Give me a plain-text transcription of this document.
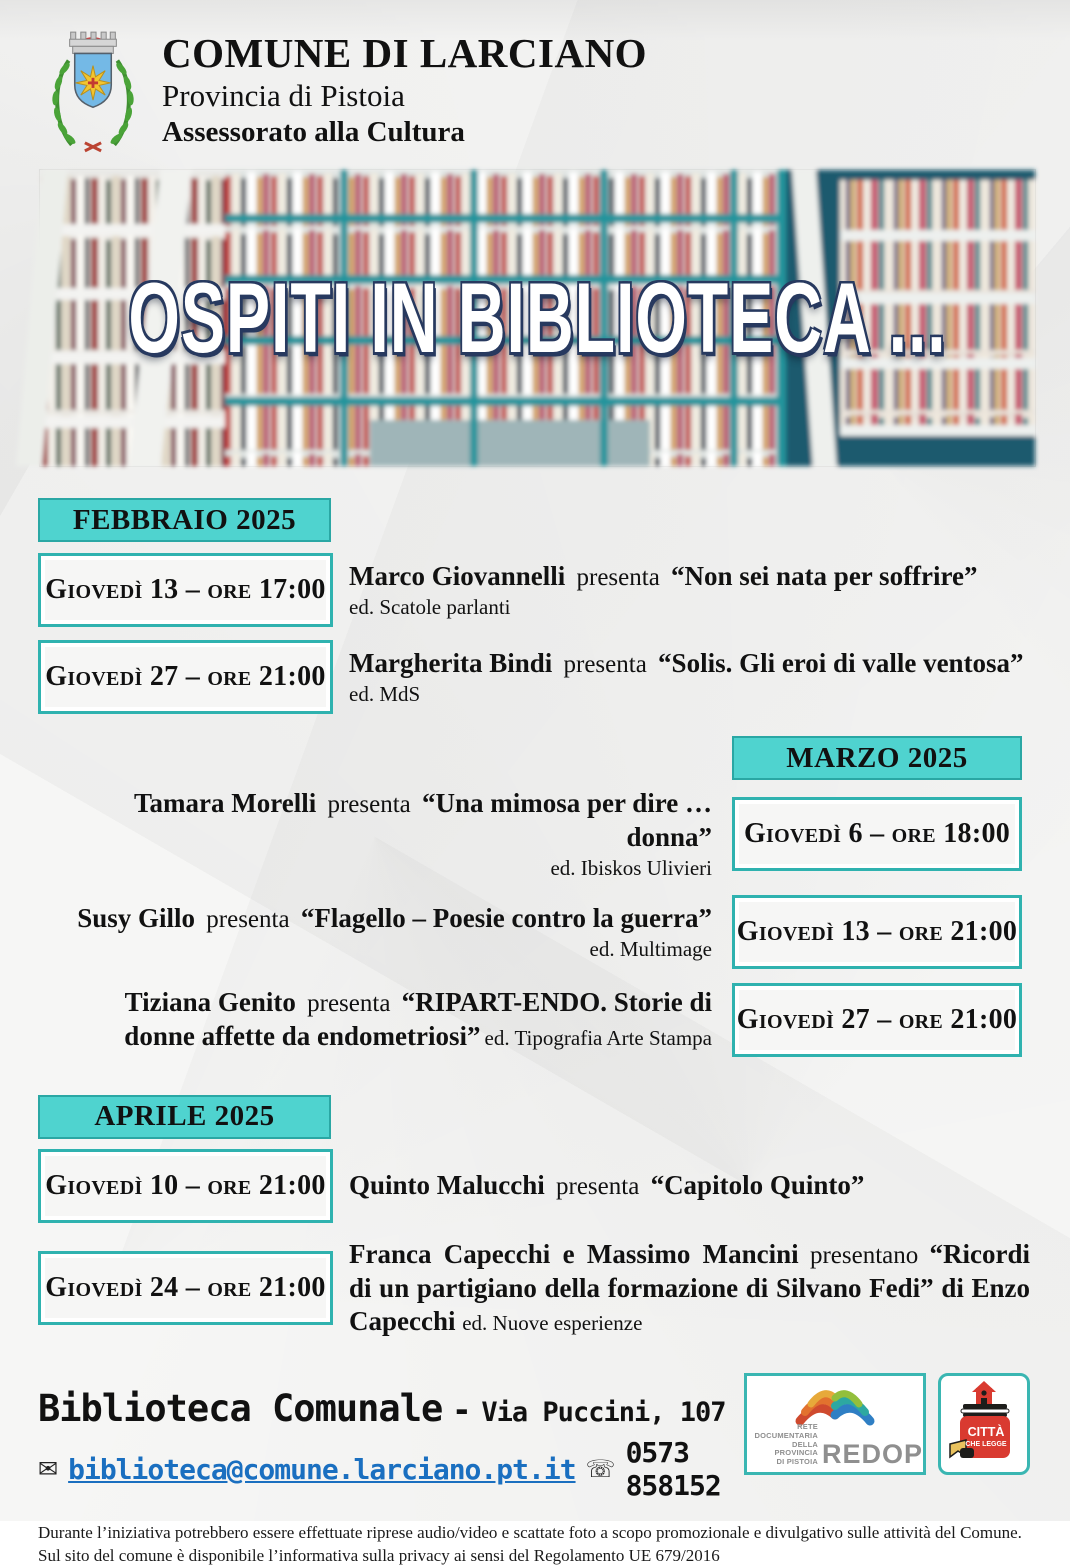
COMUNE DI LARCIANO
Provincia di Pistoia
Assessorato alla Cultura
OSPITI IN BIBLIOTECA ...
FEBBRAIO 2025
Giovedì 13 – ore 17:00 Marco Giovannelli presenta “Non sei nata per soffrire”
ed. Scatole parlanti
Giovedì 27 – ore 21:00 Margherita Bindi presenta “Solis. Gli eroi di valle ventosa”
ed. MdS
MARZO 2025
Tamara Morelli presenta “Una mimosa per dire … donna”
ed. Ibiskos Ulivieri
Giovedì 6 – ore 18:00
Susy Gillo presenta “Flagello – Poesie contro la guerra”
ed. Multimage
Giovedì 13 – ore 21:00
Tiziana Genito presenta “RIPART-ENDO. Storie di donne affette da endometriosi” ed. Tipografia Arte Stampa
Giovedì 27 – ore 21:00
APRILE 2025
Giovedì 10 – ore 21:00 Quinto Malucchi presenta “Capitolo Quinto”
Giovedì 24 – ore 21:00
Franca Capecchi e Massimo Mancini presentano “Ricordi di un partigiano della formazione di Silvano Fedi” di Enzo Capecchi ed. Nuove esperienze
Biblioteca Comunale - Via Puccini, 107
✉ biblioteca@comune.larciano.pt.it ☏ 0573 858152
RETE
DOCUMENTARIA
DELLA PROVINCIA
DI PISTOIA REDOP
CITTÀ
CHE LEGGE
Durante l’iniziativa potrebbero essere effettuate riprese audio/video e scattate foto a scopo promozionale e divulgativo sulle attività del Comune. Sul sito del comune è disponibile l’informativa sulla privacy ai sensi del Regolamento UE 679/2016
